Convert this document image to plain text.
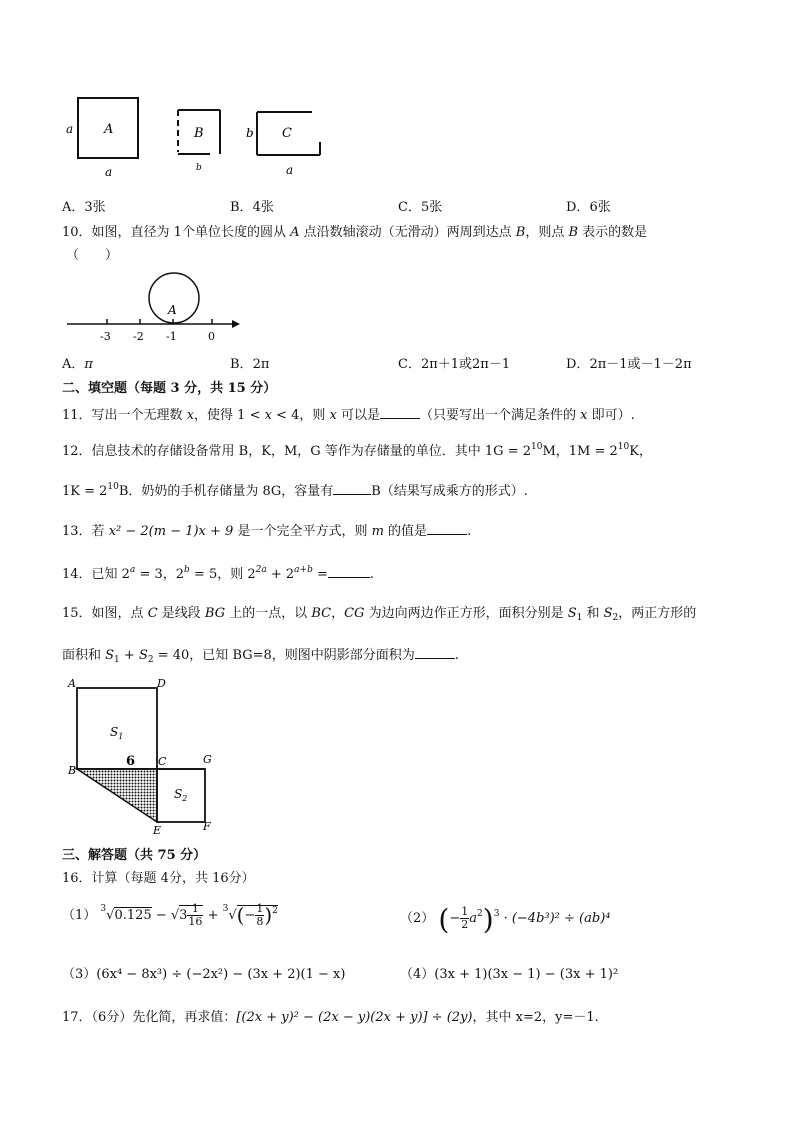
A
a
a
B
b
C
b
a
A．3张	B．4张	C．5张	D．6张
10．如图，直径为 1个单位长度的圆从 A 点沿数轴滚动（无滑动）两周到达点 B，则点 B 表示的数是
（　　）
A
-3 -2 -1	0
A．π	B．2π	C．2π＋1或2π－1	D．2π－1或－1－2π
二、填空题（每题 3 分，共 15 分）
11．写出一个无理数 x，使得 1 < x < 4，则 x 可以是	（只要写出一个满足条件的 x 即可）.
12．信息技术的存储设备常用 B，K，M，G 等作为存储量的单位．其中 $1G = 2^{10}M$，$1M = 2^{10}K$，
$1K = 2^{10}B$．奶奶的手机存储量为 8G，容量有	B（结果写成乘方的形式）.
13．若 x² − 2(m − 1)x + 9 是一个完全平方式，则 m 的值是	.
14．已知 $2^a = 3$，$2^b = 5$，则 $2^{2a} + 2^{a+b}$ =	.
15．如图，点 C 是线段 BG 上的一点，以 BC，CG 为边向两边作正方形，面积分别是 $S_1$ 和 $S_2$，两正方形的
面积和 $S_1 + S_2 = 40$，已知 BG=8，则图中阴影部分面积为	.
A	D
B
C	G
E	F
6
$S_1$
$S_2$
三、解答题（共 75 分）
16．计算（每题 4分，共 16分）
（1） $^3√0.125 - √3 \frac{1}{16} + ^3√(- \frac{1}{8} )^2$	（2） (− $\frac{1}{2} a^2)^3 \cdot (-4b^3)^2 \div (ab)^4$
（3）(6x⁴ − 8x³) ÷ (−2x²) − (3x + 2)(1 − x)	（4）(3x + 1)(3x − 1) − (3x + 1)²
17．（6分）先化简，再求值：[(2x + y)² − (2x − y)(2x + y)] ÷ (2y)，其中 x=2，y=－1.
